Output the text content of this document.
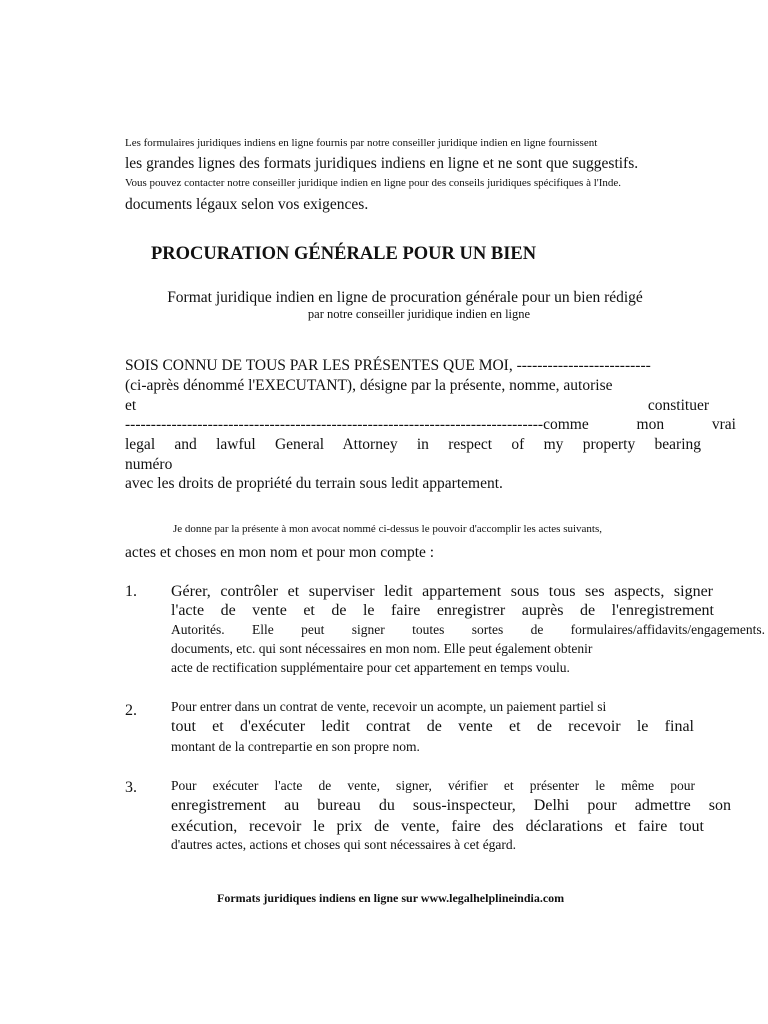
Les formulaires juridiques indiens en ligne fournis par notre conseiller juridique indien en ligne fournissent
les grandes lignes des formats juridiques indiens en ligne et ne sont que suggestifs.
Vous pouvez contacter notre conseiller juridique indien en ligne pour des conseils juridiques spécifiques à l'Inde.
documents légaux selon vos exigences.
PROCURATION GÉNÉRALE POUR UN BIEN
Format juridique indien en ligne de procuration générale pour un bien rédigé
par notre conseiller juridique indien en ligne
SOIS CONNU DE TOUS PAR LES PRÉSENTES QUE MOI, --------------------------
(ci-après dénommé l'EXECUTANT), désigne par la présente, nomme, autorise
et constituer
---------------------------------------------------------------------------------comme mon vrai
legal and lawful General Attorney in respect of my property bearing
numéro
avec les droits de propriété du terrain sous ledit appartement.
Je donne par la présente à mon avocat nommé ci-dessus le pouvoir d'accomplir les actes suivants,
actes et choses en mon nom et pour mon compte :
1. Gérer, contrôler et superviser ledit appartement sous tous ses aspects, signer
l'acte de vente et de le faire enregistrer auprès de l'enregistrement
Autorités. Elle peut signer toutes sortes de formulaires/affidavits/engagements.
documents, etc. qui sont nécessaires en mon nom. Elle peut également obtenir
acte de rectification supplémentaire pour cet appartement en temps voulu.
2.	Pour entrer dans un contrat de vente, recevoir un acompte, un paiement partiel si
tout et d'exécuter ledit contrat de vente et de recevoir le final
montant de la contrepartie en son propre nom.
3.	Pour exécuter l'acte de vente, signer, vérifier et présenter le même pour
enregistrement au bureau du sous-inspecteur, Delhi pour admettre son
exécution, recevoir le prix de vente, faire des déclarations et faire tout
d'autres actes, actions et choses qui sont nécessaires à cet égard.
Formats juridiques indiens en ligne sur www.legalhelplineindia.com
